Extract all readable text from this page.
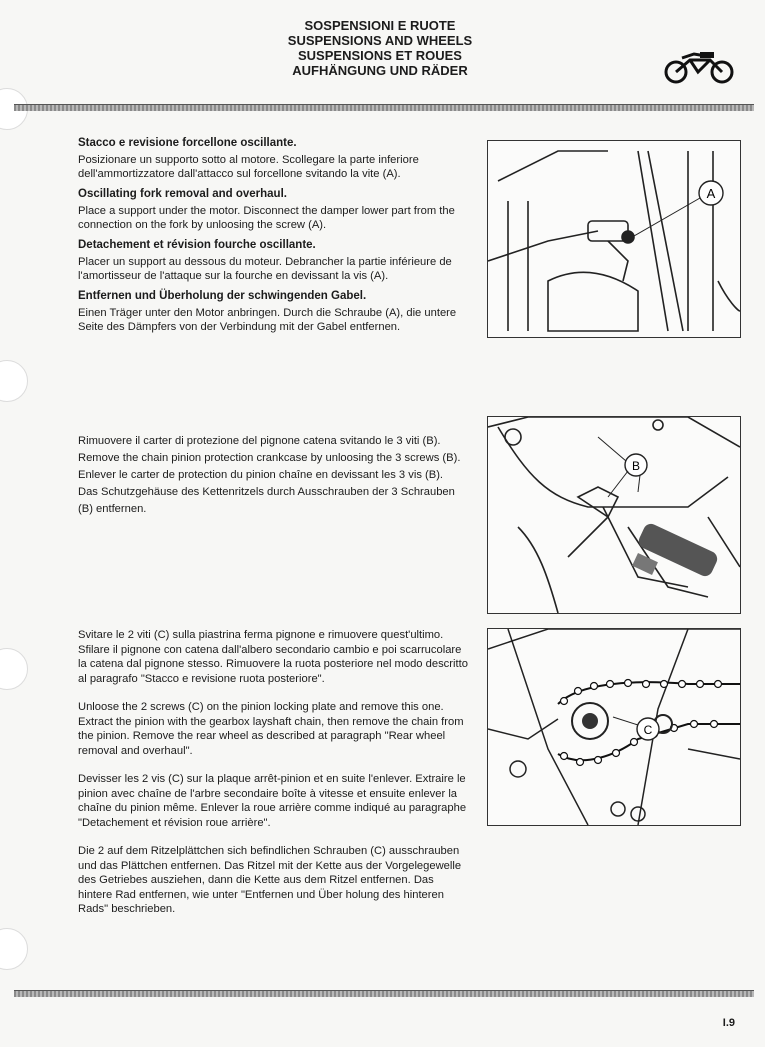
SOSPENSIONI E RUOTE
SUSPENSIONS AND WHEELS
SUSPENSIONS ET ROUES
AUFHÄNGUNG UND RÄDER
Stacco e revisione forcellone oscillante.

Posizionare un supporto sotto al motore. Scollegare la parte inferiore dell'ammortizzatore dall'attacco sul forcellone svitando la vite (A).

Oscillating fork removal and overhaul.

Place a support under the motor. Disconnect the damper lower part from the connection on the fork by unloosing the screw (A).

Detachement et révision fourche oscillante.

Placer un support au dessous du moteur. Debrancher la partie inférieure de l'amortisseur de l'attaque sur la fourche en devissant la vis (A).

Entfernen und Überholung der schwingenden Gabel.

Einen Träger unter den Motor anbringen. Durch die Schraube (A), die untere Seite des Dämpfers von der Verbindung mit der Gabel entfernen.

A

Rimuovere il carter di protezione del pignone catena svitando le 3 viti (B).

Remove the chain pinion protection crankcase by unloosing the 3 screws (B).

Enlever le carter de protection du pinion chaîne en devissant les 3 vis (B).

Das Schutzgehäuse des Kettenritzels durch Ausschrauben der 3 Schrauben (B) entfernen.

B

Svitare le 2 viti (C) sulla piastrina ferma pignone e rimuovere quest'ultimo. Sfilare il pignone con catena dall'albero secondario cambio e poi scarrucolare la catena dal pignone stesso. Rimuovere la ruota posteriore nel modo descritto al paragrafo "Stacco e revisione ruota posteriore".

Unloose the 2 screws (C) on the pinion locking plate and remove this one. Extract the pinion with the gearbox layshaft chain, then remove the chain from the pinion. Remove the rear wheel as described at paragraph "Rear wheel removal and overhaul".

Devisser les 2 vis (C) sur la plaque arrêt-pinion et en suite l'enlever. Extraire le pinion avec chaîne de l'arbre secondaire boîte à vitesse et ensuite enlever la chaîne du pinion même. Enlever la roue arrière comme indiqué au paragraphe "Detachement et révision roue arrière".

Die 2 auf dem Ritzelplättchen sich befindlichen Schrauben (C) ausschrauben und das Plättchen entfernen. Das Ritzel mit der Kette aus der Vorgelegewelle des Getriebes ausziehen, dann die Kette aus dem Ritzel entfernen. Das hintere Rad entfernen, wie unter "Entfernen und Über holung des hinteren Rads" beschrieben.

C
I.9
